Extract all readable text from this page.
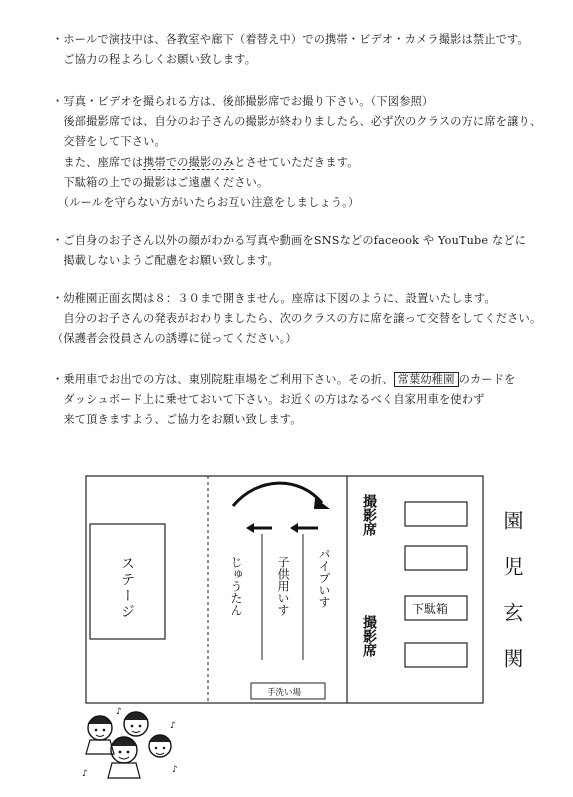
・ホールで演技中は、各教室や廊下（着替え中）での携帯・ビデオ・カメラ撮影は禁止です。
　ご協力の程よろしくお願い致します。
・写真・ビデオを撮られる方は、後部撮影席でお撮り下さい。（下図参照）
　後部撮影席では、自分のお子さんの撮影が終わりましたら、必ず次のクラスの方に席を譲り、
　交替をして下さい。
　また、座席では携帯での撮影のみとさせていただきます。
　下駄箱の上での撮影はご遠慮ください。
　（ルールを守らない方がいたらお互い注意をしましょう。）
・ご自身のお子さん以外の顔がわかる写真や動画をSNSなどのfaceook や YouTube などに
　掲載しないようご配慮をお願い致します。
・幼稚園正面玄関は８：３０まで開きません。座席は下図のように、設置いたします。
　自分のお子さんの発表がおわりましたら、次のクラスの方に席を譲って交替をしてください。
（保護者会役員さんの誘導に従ってください。）
・乗用車でお出での方は、東別院駐車場をご利用下さい。その折、 常葉幼稚園 のカードを
　ダッシュボード上に乗せておいて下さい。お近くの方はなるべく自家用車を使わず
　来て頂きますよう、ご協力をお願い致します。
ステージ	じゅうたん	子供用いす パイプいす
撮影席
撮影席
下駄箱
手洗い場	園児玄関
♪
♪
♪	♪
